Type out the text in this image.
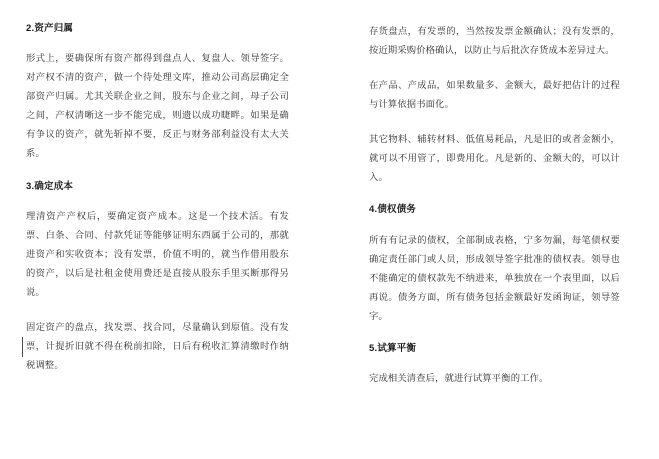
2.资产归属

形式上，要确保所有资产都得到盘点人、复盘人、领导签字。对产权不清的资产，做一个待处理文库，推动公司高层确定全部资产归属。尤其关联企业之间，股东与企业之间，母子公司之间，产权清晰这一步不能完成，则遗以成功睫畔。如果是确有争议的资产，就先斩掉不要，反正与财务部利益没有太大关系。

3.确定成本

理清资产产权后，要确定资产成本。这是一个技术活。有发票、白条、合同、付款凭证等能够证明东西属于公司的，那就进资产和实收资本；没有发票，价值不明的，就当作借用股东的资产，以后是社租金使用费还是直接从股东手里买断那得另说。

固定资产的盘点，找发票、找合同，尽量确认到原值。没有发票，计提折旧就不得在税前扣除，日后有税收汇算清缴时作纳税调整。

存货盘点，有发票的，当然按发票金额确认；没有发票的，按近期采购价格确认，以防止与后批次存货成本差异过大。

在产品、产成品，如果数量多、金额大，最好把估计的过程与计算依据书面化。

其它物料、辅转材料、低值易耗品，凡是旧的或者金额小，就可以不用管了，即费用化。凡是新的、金额大的，可以计入。

4.债权债务

所有有记录的债权，全部制成表格，宁多勿漏，每笔债权要确定责任部门或人员，形成领导签字批准的债权表。领导也不能确定的债权款先不纳进来，单独放在一个表里面，以后再说。债务方面，所有债务包括金额最好发函询证，领导签字。

5.试算平衡

完成相关清查后，就进行试算平衡的工作。
